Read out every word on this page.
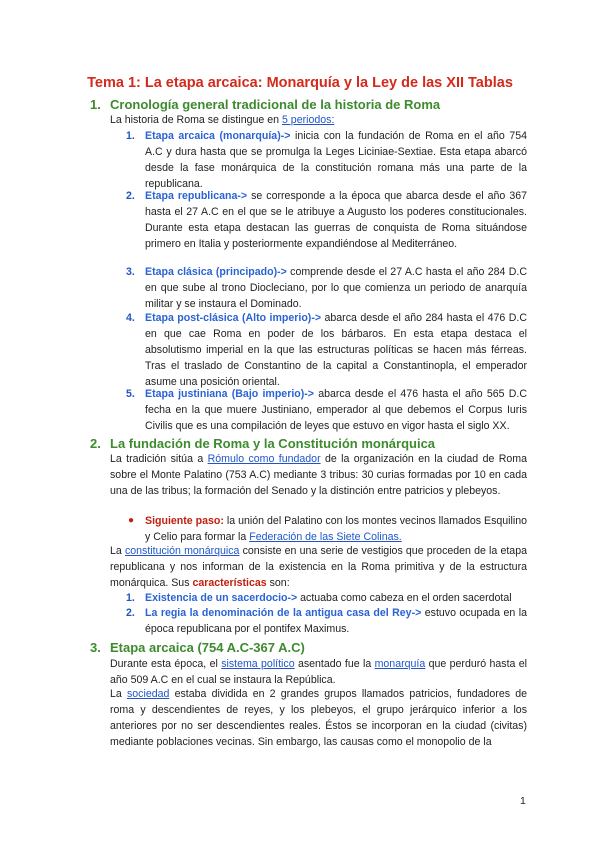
Tema 1: La etapa arcaica: Monarquía y la Ley de las XII Tablas
1. Cronología general tradicional de la historia de Roma
La historia de Roma se distingue en 5 periodos:
1. Etapa arcaica (monarquía)-> inicia con la fundación de Roma en el año 754 A.C y dura hasta que se promulga la Leges Liciniae-Sextiae. Esta etapa abarcó desde la fase monárquica de la constitución romana más una parte de la republicana.
2. Etapa republicana-> se corresponde a la época que abarca desde el año 367 hasta el 27 A.C en el que se le atribuye a Augusto los poderes constitucionales. Durante esta etapa destacan las guerras de conquista de Roma situándose primero en Italia y posteriormente expandiéndose al Mediterráneo.
3. Etapa clásica (principado)-> comprende desde el 27 A.C hasta el año 284 D.C en que sube al trono Diocleciano, por lo que comienza un periodo de anarquía militar y se instaura el Dominado.
4. Etapa post-clásica (Alto imperio)-> abarca desde el año 284 hasta el 476 D.C en que cae Roma en poder de los bárbaros. En esta etapa destaca el absolutismo imperial en la que las estructuras políticas se hacen más férreas. Tras el traslado de Constantino de la capital a Constantinopla, el emperador asume una posición oriental.
5. Etapa justiniana (Bajo imperio)-> abarca desde el 476 hasta el año 565 D.C fecha en la que muere Justiniano, emperador al que debemos el Corpus Iuris Civilis que es una compilación de leyes que estuvo en vigor hasta el siglo XX.
2. La fundación de Roma y la Constitución monárquica
La tradición sitúa a Rómulo como fundador de la organización en la ciudad de Roma sobre el Monte Palatino (753 A.C) mediante 3 tribus: 30 curias formadas por 10 en cada una de las tribus; la formación del Senado y la distinción entre patricios y plebeyos.
● Siguiente paso: la unión del Palatino con los montes vecinos llamados Esquilino y Celio para formar la Federación de las Siete Colinas.
La constitución monárquica consiste en una serie de vestigios que proceden de la etapa republicana y nos informan de la existencia en la Roma primitiva y de la estructura monárquica. Sus características son:
1. Existencia de un sacerdocio-> actuaba como cabeza en el orden sacerdotal
2. La regia la denominación de la antigua casa del Rey-> estuvo ocupada en la época republicana por el pontifex Maximus.
3. Etapa arcaica (754 A.C-367 A.C)
Durante esta época, el sistema político asentado fue la monarquía que perduró hasta el año 509 A.C en el cual se instaura la República.
La sociedad estaba dividida en 2 grandes grupos llamados patricios, fundadores de roma y descendientes de reyes, y los plebeyos, el grupo jerárquico inferior a los anteriores por no ser descendientes reales. Éstos se incorporan en la ciudad (civitas) mediante poblaciones vecinas. Sin embargo, las causas como el monopolio de la
1
